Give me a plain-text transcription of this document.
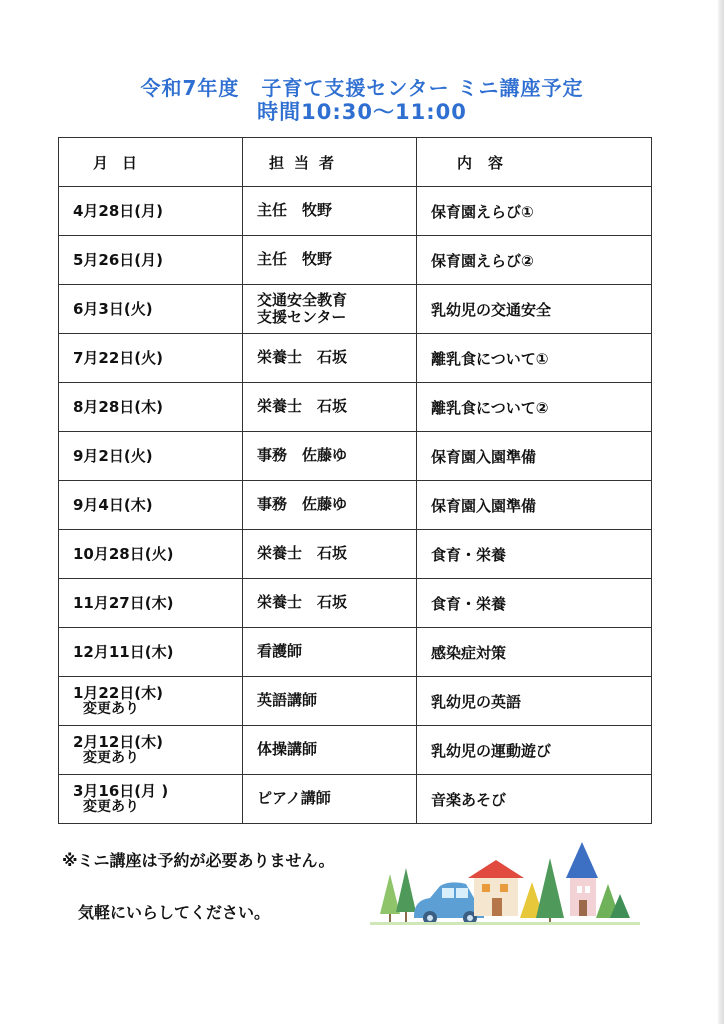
令和7年度 子育て支援センター ミニ講座予定
時間10:30～11:00
月日	担当者	内容

4月28日(月)	主任　牧野	保育園えらび①

5月26日(月)	主任　牧野	保育園えらび②

6月3日(火)	交通安全教育
支援センター	乳幼児の交通安全

7月22日(火)	栄養士　石坂	離乳食について①

8月28日(木)	栄養士　石坂	離乳食について②

9月2日(火)	事務　佐藤ゆ	保育園入園準備

9月4日(木)	事務　佐藤ゆ	保育園入園準備

10月28日(火)	栄養士　石坂	食育・栄養

11月27日(木)	栄養士　石坂	食育・栄養

12月11日(木)	看護師	感染症対策

1月22日(木)
変更あり	英語講師	乳幼児の英語

2月12日(木)
変更あり	体操講師	乳幼児の運動遊び

3月16日(月 )
変更あり	ピアノ講師	音楽あそび
※ミニ講座は予約が必要ありません。
気軽にいらしてください。
